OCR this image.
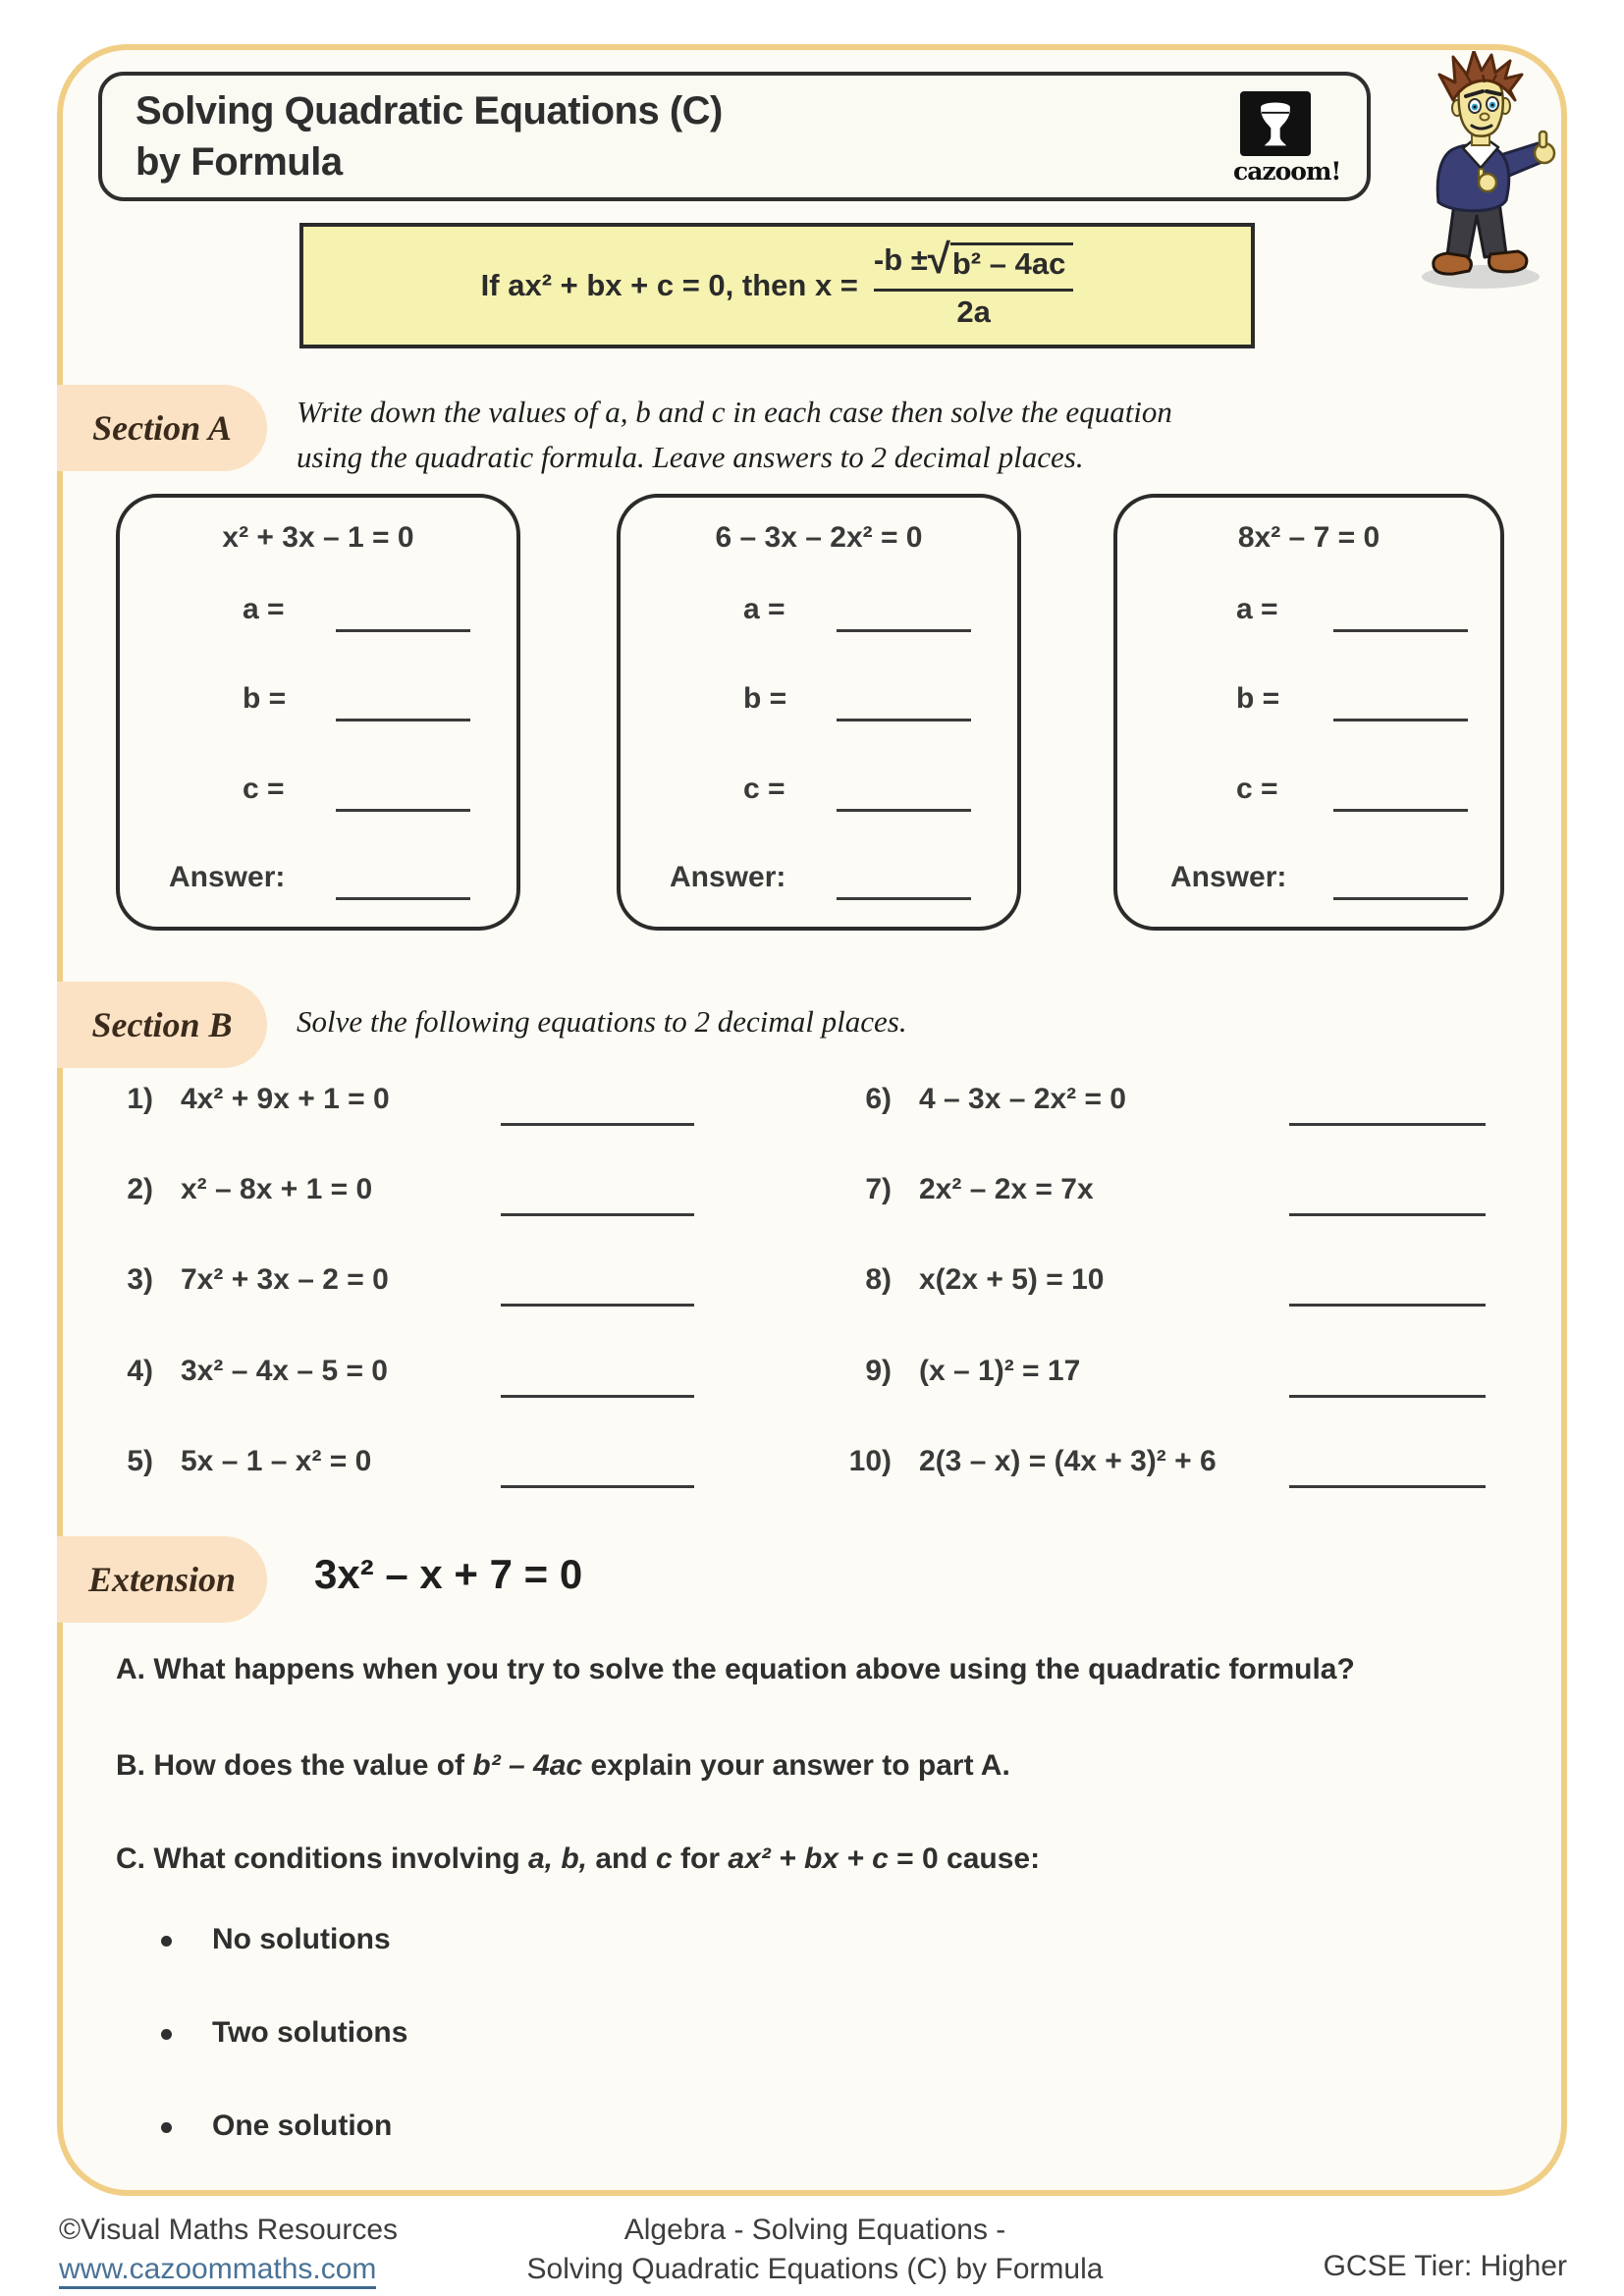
Solving Quadratic Equations (C)
by Formula	cazoom!
If ax² + bx + c = 0, then $x = \frac{\text{-b ± √ b² – 4ac}}{2a}$
Section A	Write down the values of a, b and c in each case then solve the equation
using the quadratic formula. Leave answers to 2 decimal places.
x² + 3x – 1 = 0
a =
b =
c =
Answer:
6 – 3x – 2x² = 0
a =
b =
c =
Answer:
8x² – 7 = 0
a =
b =
c =
Answer:
Section B	Solve the following equations to 2 decimal places.
1) 4x² + 9x + 1 = 0
2) x² – 8x + 1 = 0
3) 7x² + 3x – 2 = 0
4) 3x² – 4x – 5 = 0
5) 5x – 1 – x² = 0
6) 4 – 3x – 2x² = 0
7) 2x² – 2x = 7x
8) x(2x + 5) = 10
9) (x – 1)² = 17
10) 2(3 – x) = (4x + 3)² + 6
Extension	3x² – x + 7 = 0
A. What happens when you try to solve the equation above using the quadratic formula?
B. How does the value of b² – 4ac explain your answer to part A.
C. What conditions involving a, b, and c for ax² + bx + c = 0 cause:
No solutions
Two solutions
One solution
©Visual Maths Resources
www.cazoommaths.com
Algebra - Solving Equations -
Solving Quadratic Equations (C) by Formula	GCSE Tier: Higher
